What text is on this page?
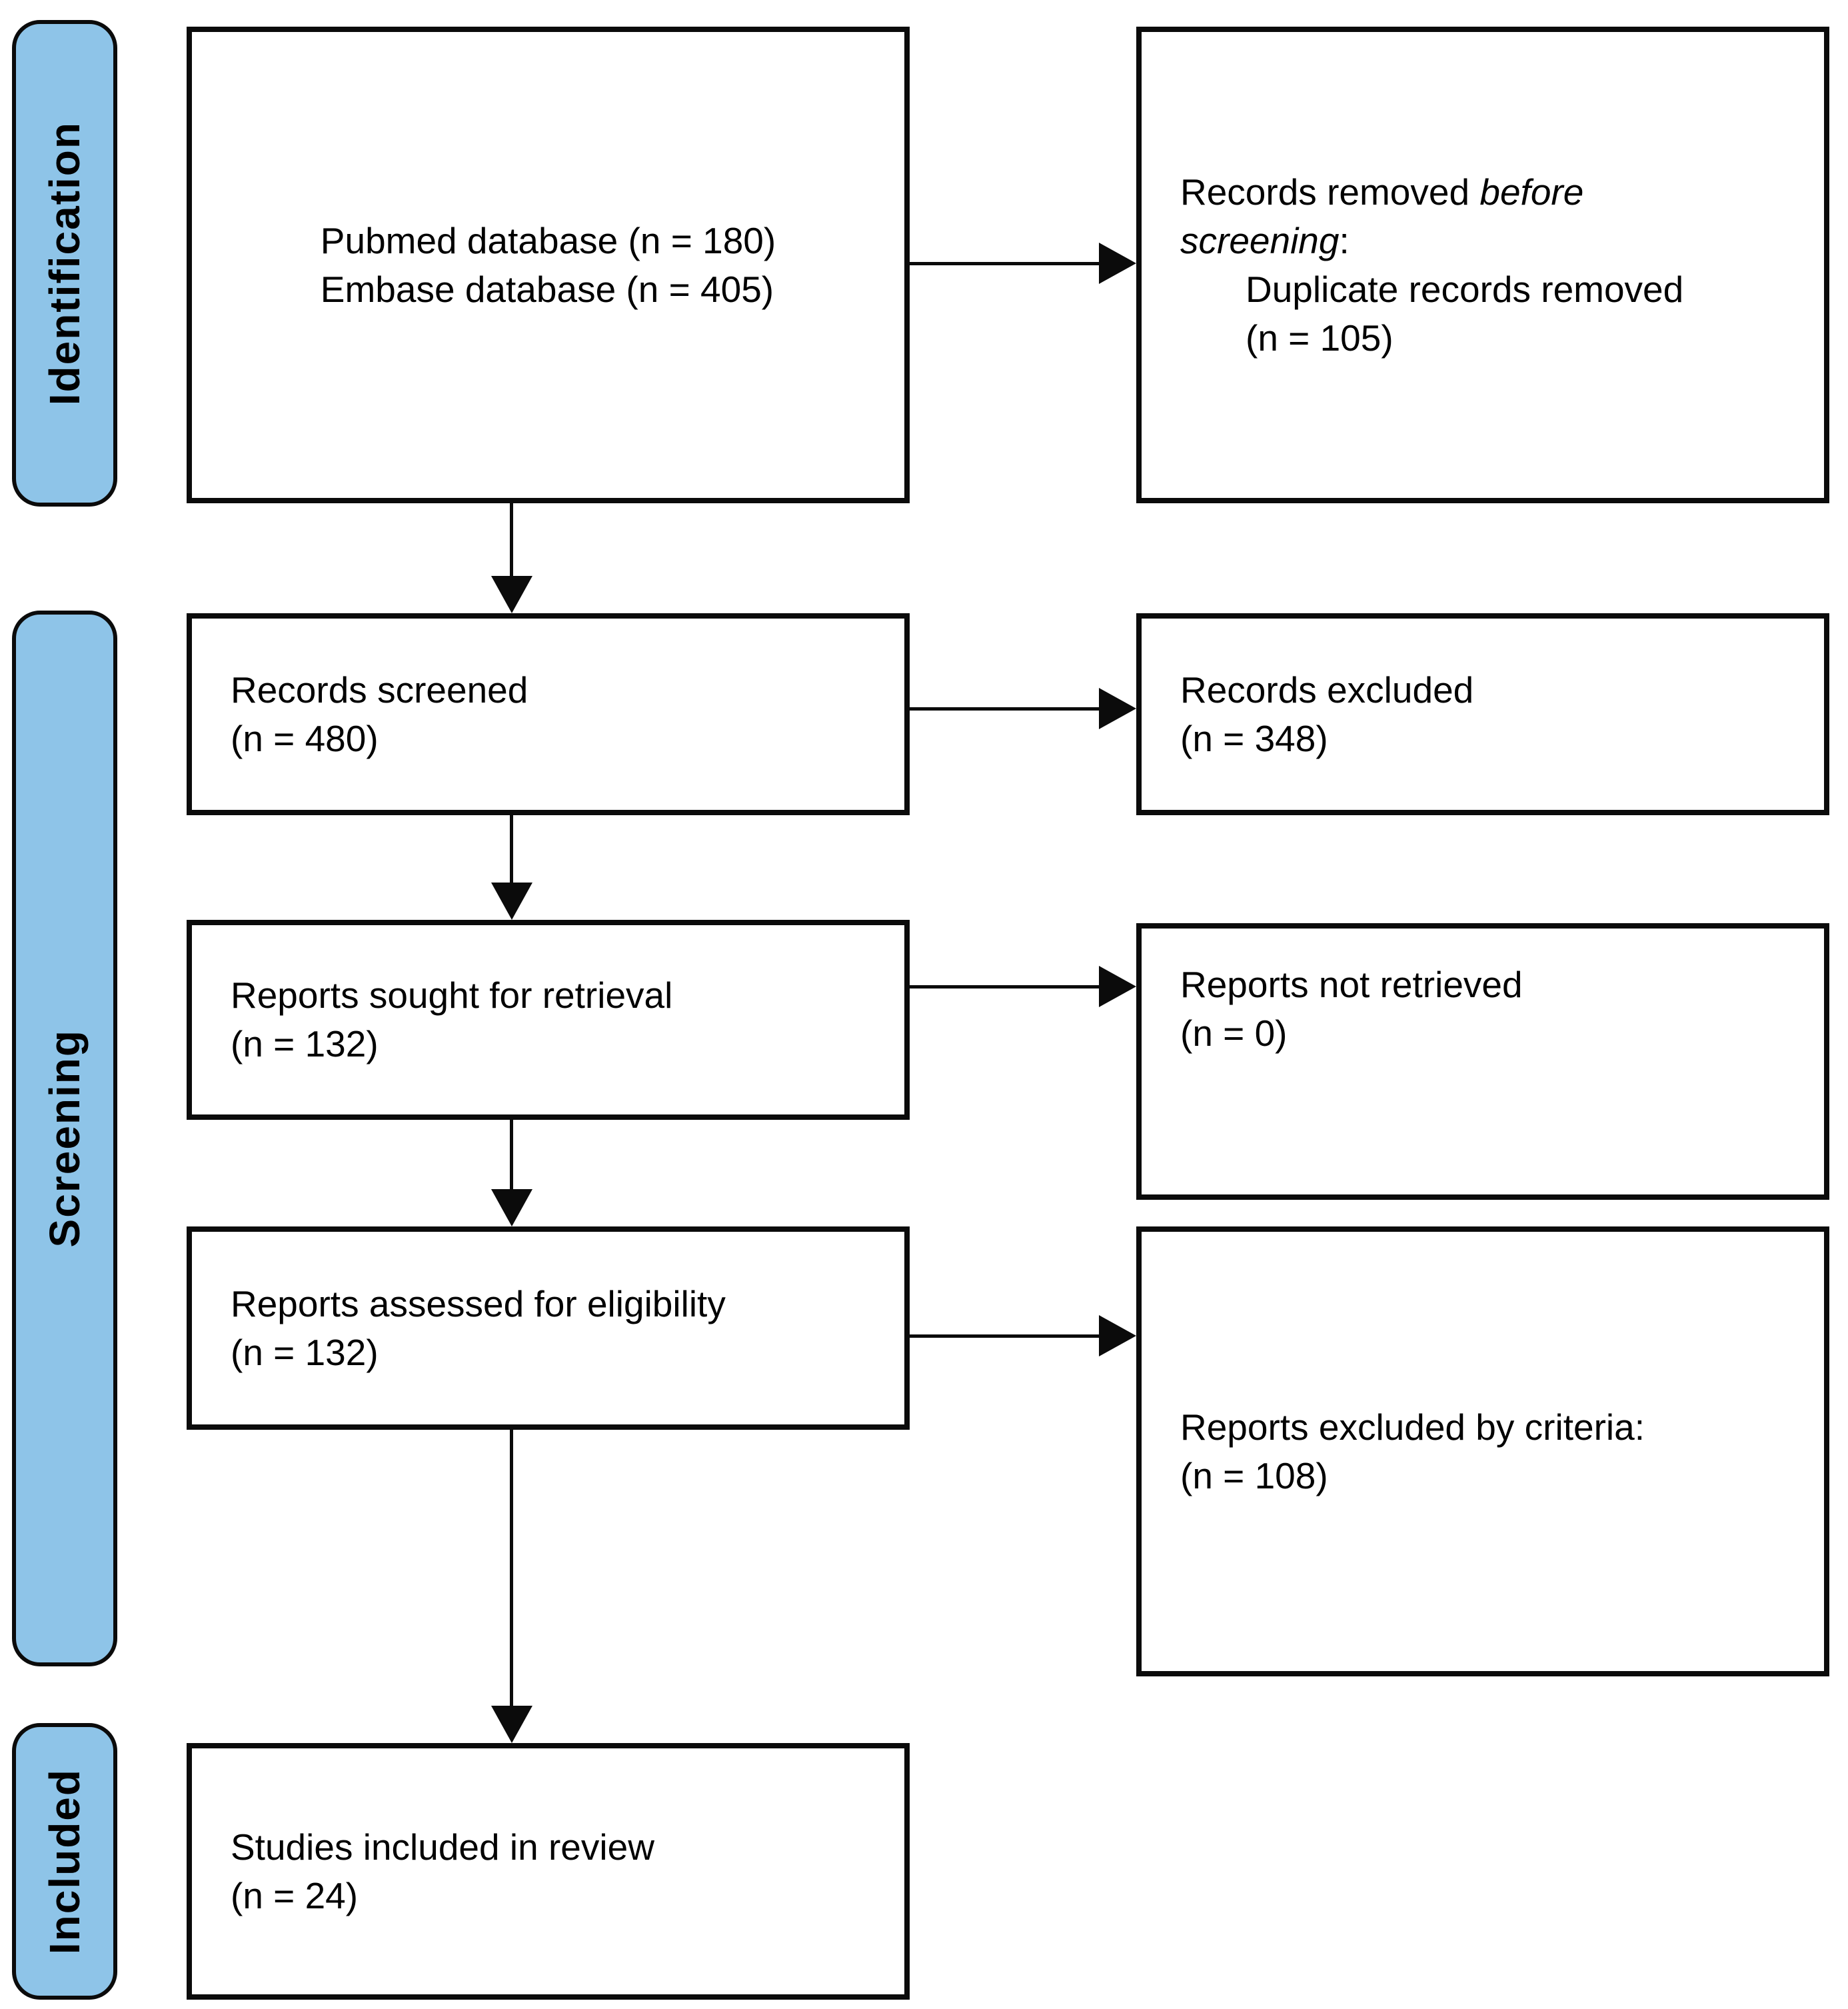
Identification
Screening
Included
Pubmed database (n = 180)
Embase database (n = 405)
Records removed before
screening:
Duplicate records removed
(n = 105)
Records screened
(n = 480)
Records excluded
(n = 348)
Reports sought for retrieval
(n = 132)
Reports not retrieved
(n = 0)
Reports assessed for eligibility
(n = 132)
Reports excluded by criteria:
(n = 108)
Studies included in review
(n = 24)
